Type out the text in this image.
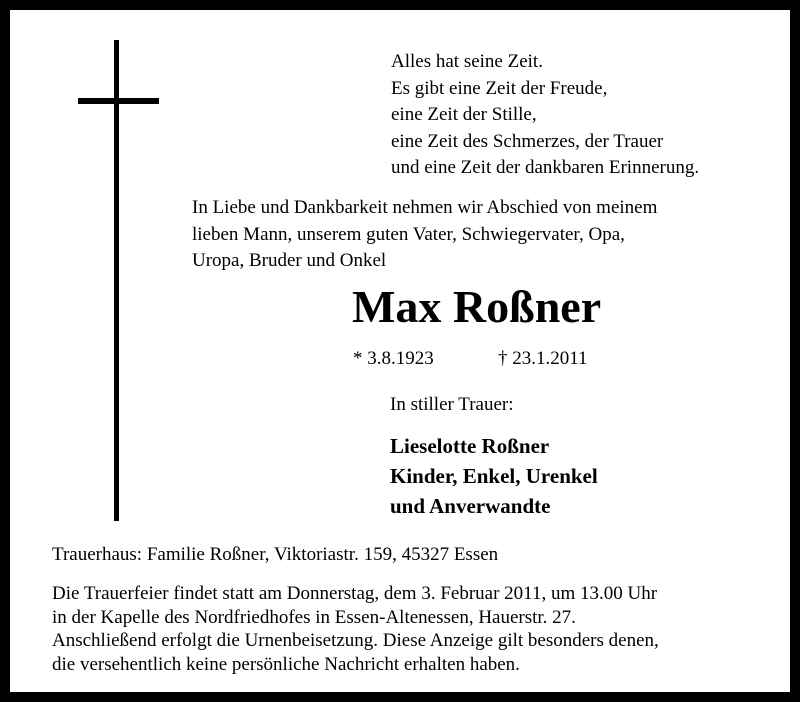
Alles hat seine Zeit.
Es gibt eine Zeit der Freude,
eine Zeit der Stille,
eine Zeit des Schmerzes, der Trauer
und eine Zeit der dankbaren Erinnerung.
In Liebe und Dankbarkeit nehmen wir Abschied von meinem
lieben Mann, unserem guten Vater, Schwiegervater, Opa,
Uropa, Bruder und Onkel
Max Roßner
* 3.8.1923	† 23.1.2011
In stiller Trauer:
Lieselotte Roßner
Kinder, Enkel, Urenkel
und Anverwandte
Trauerhaus: Familie Roßner, Viktoriastr. 159, 45327 Essen
Die Trauerfeier findet statt am Donnerstag, dem 3. Februar 2011, um 13.00 Uhr
in der Kapelle des Nordfriedhofes in Essen-Altenessen, Hauerstr. 27.
Anschließend erfolgt die Urnenbeisetzung. Diese Anzeige gilt besonders denen,
die versehentlich keine persönliche Nachricht erhalten haben.
